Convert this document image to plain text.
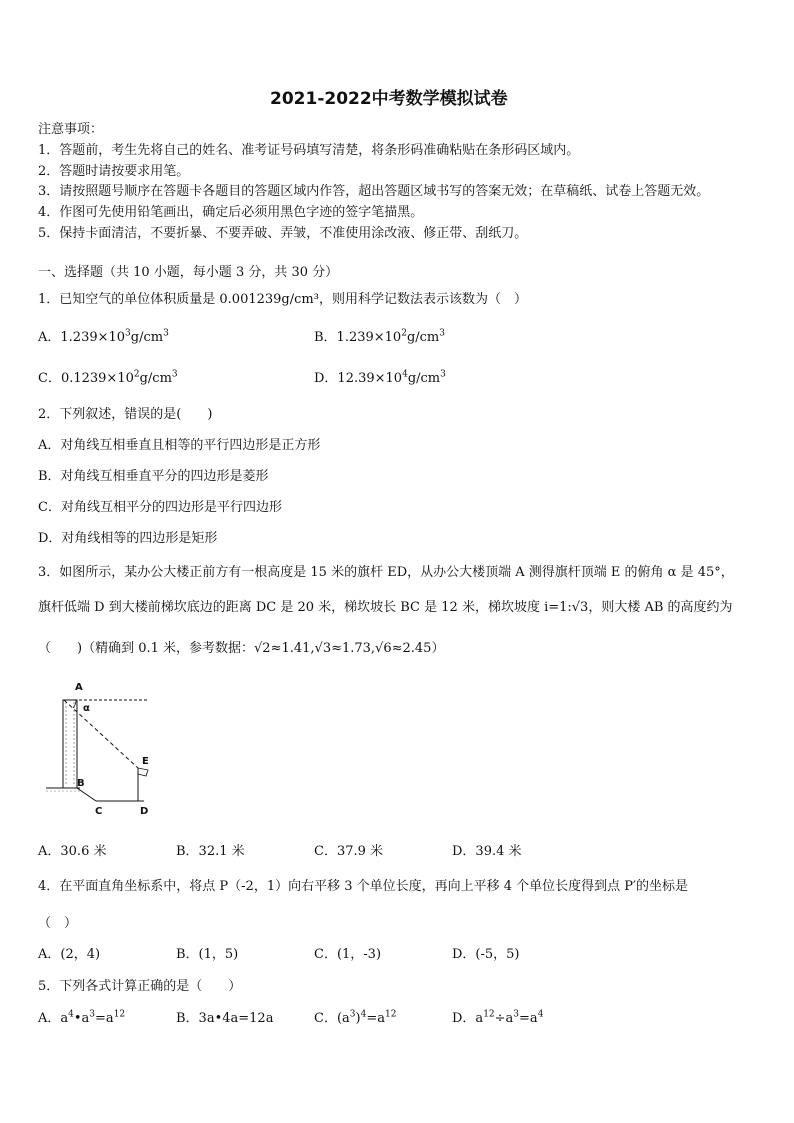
2021-2022中考数学模拟试卷
注意事项：
1．答题前，考生先将自己的姓名、准考证号码填写清楚，将条形码准确粘贴在条形码区域内。
2．答题时请按要求用笔。
3．请按照题号顺序在答题卡各题目的答题区域内作答，超出答题区域书写的答案无效；在草稿纸、试卷上答题无效。
4．作图可先使用铅笔画出，确定后必须用黑色字迹的签字笔描黑。
5．保持卡面清洁，不要折暴、不要弄破、弄皱，不准使用涂改液、修正带、刮纸刀。
一、选择题（共 10 小题，每小题 3 分，共 30 分）
1．已知空气的单位体积质量是 0.001239g/cm³，则用科学记数法表示该数为（　）
A．$1.239\times 10^3g/cm^3$	B．$1.239\times 10^2g/cm^3$
C．$0.1239\times 10^2g/cm^3$	D．$12.39\times 10^4g/cm^3$
2．下列叙述，错误的是(　　)
A．对角线互相垂直且相等的平行四边形是正方形
B．对角线互相垂直平分的四边形是菱形
C．对角线互相平分的四边形是平行四边形
D．对角线相等的四边形是矩形
3．如图所示，某办公大楼正前方有一根高度是 15 米的旗杆 ED，从办公大楼顶端 A 测得旗杆顶端 E 的俯角 α 是 45°，
旗杆低端 D 到大楼前梯坎底边的距离 DC 是 20 米，梯坎坡长 BC 是 12 米，梯坎坡度 i=1:√3，则大楼 AB 的高度约为
（　　)（精确到 0.1 米，参考数据：√2≈1.41,√3≈1.73,√6≈2.45）
A
α
E
B
C	D
A．30.6 米	B．32.1 米	C．37.9 米	D．39.4 米
4．在平面直角坐标系中，将点 P（-2，1）向右平移 3 个单位长度，再向上平移 4 个单位长度得到点 P′的坐标是
（　）
A．(2，4)	B．(1，5)	C．(1，-3)	D．(-5，5)
5．下列各式计算正确的是（　　）
A．$a^4•a^3=a^{12}$	B．3a•4a=12a	C．$(a^3)^4=a^{12}$	D．$a^{12}\div a^3=a^4$
